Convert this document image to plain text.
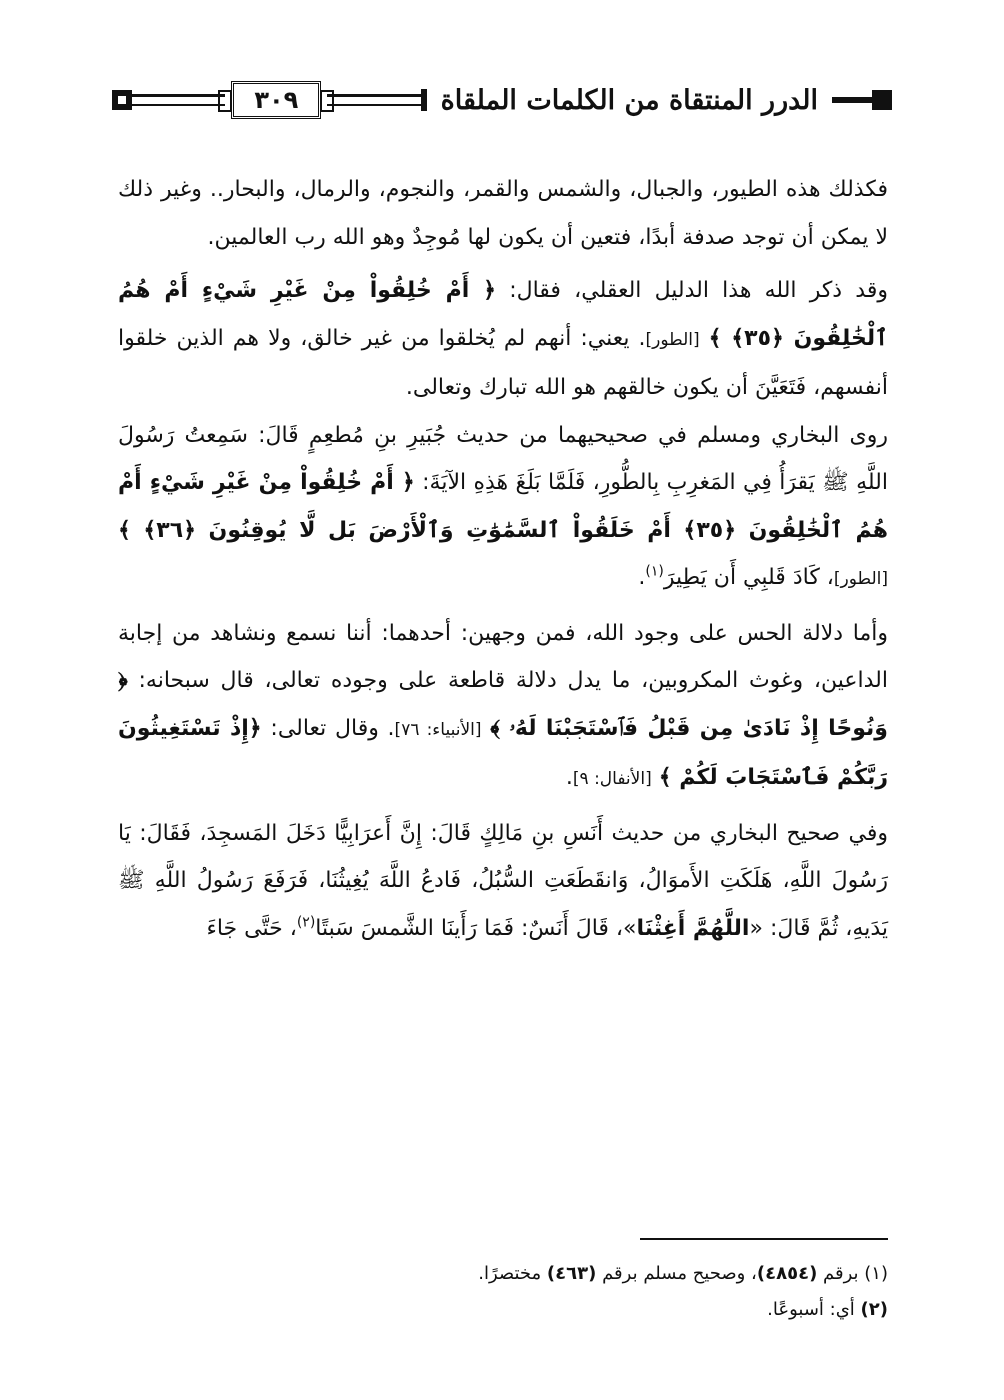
٣٠٩	الدرر المنتقاة من الكلمات الملقاة

فكذلك هذه الطيور، والجبال، والشمس والقمر، والنجوم، والرمال، والبحار.. وغير ذلك لا يمكن أن توجد صدفة أبدًا، فتعين أن يكون لها مُوجِدٌ وهو الله رب العالمين.

وقد ذكر الله هذا الدليل العقلي، فقال: ﴿ أَمْ خُلِقُواْ مِنْ غَيْرِ شَيْءٍ أَمْ هُمُ ٱلْخَٰلِقُونَ ﴿٣٥﴾ ﴾ [الطور]. يعني: أنهم لم يُخلقوا من غير خالق، ولا هم الذين خلقوا أنفسهم، فَتَعَيَّنَ أن يكون خالقهم هو الله تبارك وتعالى.

روى البخاري ومسلم في صحيحيهما من حديث جُبَيرِ بنِ مُطعِمٍ قَالَ: سَمِعتُ رَسُولَ اللَّهِ ﷺ يَقرَأُ فِي المَغرِبِ بِالطُّورِ، فَلَمَّا بَلَغَ هَذِهِ الآيَةَ: ﴿ أَمْ خُلِقُواْ مِنْ غَيْرِ شَيْءٍ أَمْ هُمُ ٱلْخَٰلِقُونَ ﴿٣٥﴾ أَمْ خَلَقُواْ ٱلسَّمَٰوَٰتِ وَٱلْأَرْضَ بَل لَّا يُوقِنُونَ ﴿٣٦﴾ ﴾ [الطور]، كَادَ قَلبِي أَن يَطِيرَ$^{(١)}$.

وأما دلالة الحس على وجود الله، فمن وجهين: أحدهما: أننا نسمع ونشاهد من إجابة الداعين، وغوث المكروبين، ما يدل دلالة قاطعة على وجوده تعالى، قال سبحانه: ﴿ وَنُوحًا إِذْ نَادَىٰ مِن قَبْلُ فَٱسْتَجَبْنَا لَهُۥ ﴾ [الأنبياء: ٧٦]. وقال تعالى: ﴿إِذْ تَسْتَغِيثُونَ رَبَّكُمْ فَٱسْتَجَابَ لَكُمْ ﴾ [الأنفال: ٩].

وفي صحيح البخاري من حديث أَنَسِ بنِ مَالِكٍ قَالَ: إِنَّ أَعرَابِيًّا دَخَلَ المَسجِدَ، فَقَالَ: يَا رَسُولَ اللَّهِ، هَلَكَتِ الأَموَالُ، وَانقَطَعَتِ السُّبُلُ، فَادعُ اللَّهَ يُغِيثُنَا، فَرَفَعَ رَسُولُ اللَّهِ ﷺ يَدَيهِ، ثُمَّ قَالَ: «اللَّهُمَّ أَغِثْنَا»، قَالَ أَنَسٌ: فَمَا رَأَينَا الشَّمسَ سَبتًا$^{(٢)}$، حَتَّى جَاءَ

(١) برقم (٤٨٥٤)، وصحيح مسلم برقم (٤٦٣) مختصرًا.

(٢) أي: أسبوعًا.
